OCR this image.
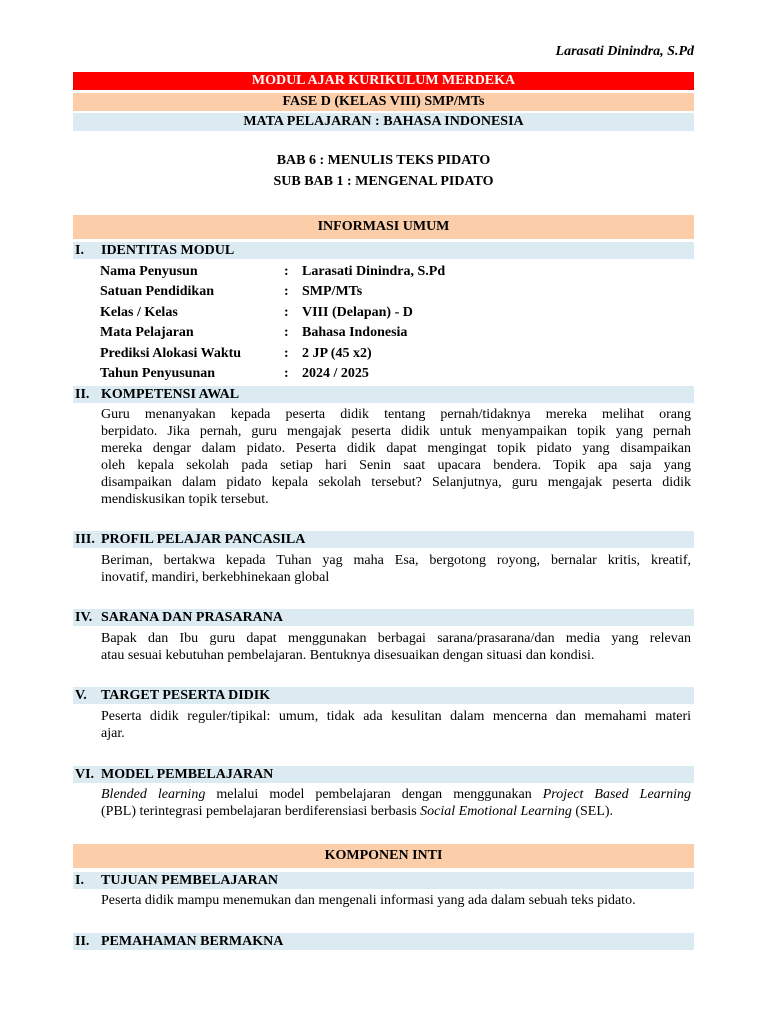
Larasati Dinindra, S.Pd
MODUL AJAR KURIKULUM MERDEKA
FASE D (KELAS VIII) SMP/MTs
MATA PELAJARAN : BAHASA INDONESIA
BAB 6 : MENULIS TEKS PIDATO
SUB BAB 1 : MENGENAL PIDATO
INFORMASI UMUM
I. IDENTITAS MODUL
Nama Penyusun	: Larasati Dinindra, S.Pd
Satuan Pendidikan	: SMP/MTs
Kelas / Kelas	: VIII (Delapan) - D
Mata Pelajaran	: Bahasa Indonesia
Prediksi Alokasi Waktu	: 2 JP (45 x2)
Tahun Penyusunan	: 2024 / 2025
II. KOMPETENSI AWAL
Guru menanyakan kepada peserta didik tentang pernah/tidaknya mereka melihat orang
berpidato. Jika pernah, guru mengajak peserta didik untuk menyampaikan topik yang pernah
mereka dengar dalam pidato. Peserta didik dapat mengingat topik pidato yang disampaikan
oleh kepala sekolah pada setiap hari Senin saat upacara bendera. Topik apa saja yang
disampaikan dalam pidato kepala sekolah tersebut? Selanjutnya, guru mengajak peserta didik
mendiskusikan topik tersebut.
III. PROFIL PELAJAR PANCASILA
Beriman, bertakwa kepada Tuhan yag maha Esa, bergotong royong, bernalar kritis, kreatif,
inovatif, mandiri, berkebhinekaan global
IV. SARANA DAN PRASARANA
Bapak dan Ibu guru dapat menggunakan berbagai sarana/prasarana/dan media yang relevan
atau sesuai kebutuhan pembelajaran. Bentuknya disesuaikan dengan situasi dan kondisi.
V. TARGET PESERTA DIDIK
Peserta didik reguler/tipikal: umum, tidak ada kesulitan dalam mencerna dan memahami materi
ajar.
VI. MODEL PEMBELAJARAN
Blended learning melalui model pembelajaran dengan menggunakan Project Based Learning
(PBL) terintegrasi pembelajaran berdiferensiasi berbasis Social Emotional Learning (SEL).
KOMPONEN INTI
I. TUJUAN PEMBELAJARAN
Peserta didik mampu menemukan dan mengenali informasi yang ada dalam sebuah teks pidato.
II. PEMAHAMAN BERMAKNA
